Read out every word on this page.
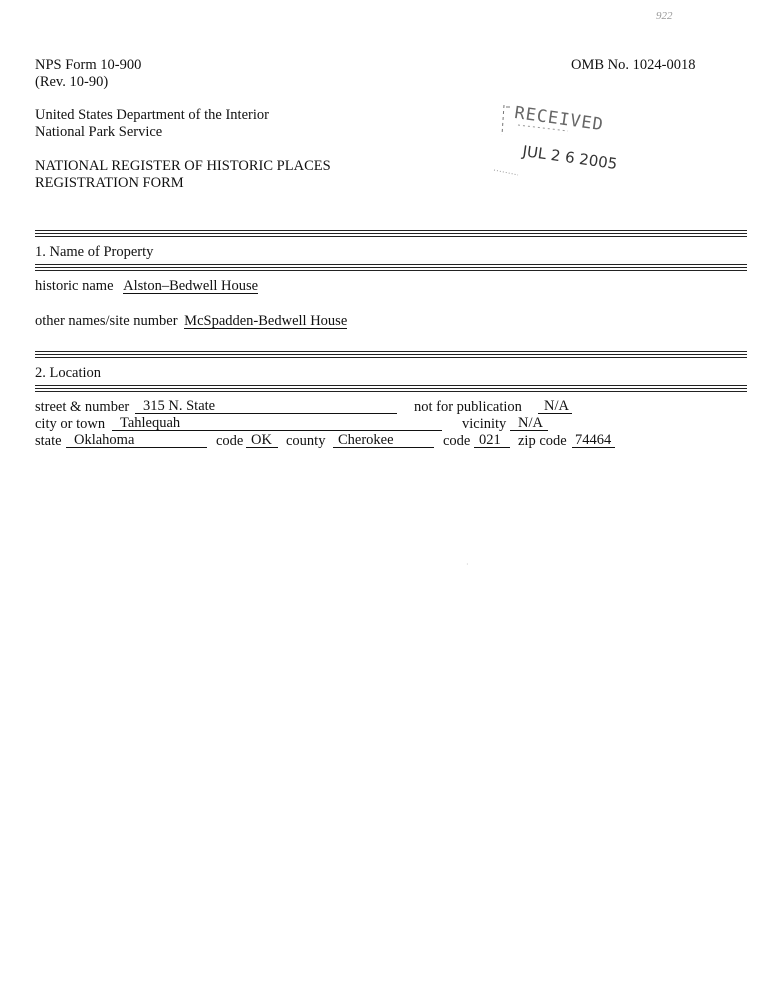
922
NPS Form 10-900
(Rev. 10-90)
OMB No. 1024-0018
United States Department of the Interior
National Park Service
NATIONAL REGISTER OF HISTORIC PLACES
REGISTRATION FORM
RECEIVED
JUL 2 6 2005
1. Name of Property
historic name Alston–Bedwell House
other names/site number McSpadden-Bedwell House
2. Location
street & number 315 N. State	not for publication	N/A
city or town	Tahlequah	vicinity N/A
state Oklahoma	code OK county Cherokee	code 021	zip code 74464
·
